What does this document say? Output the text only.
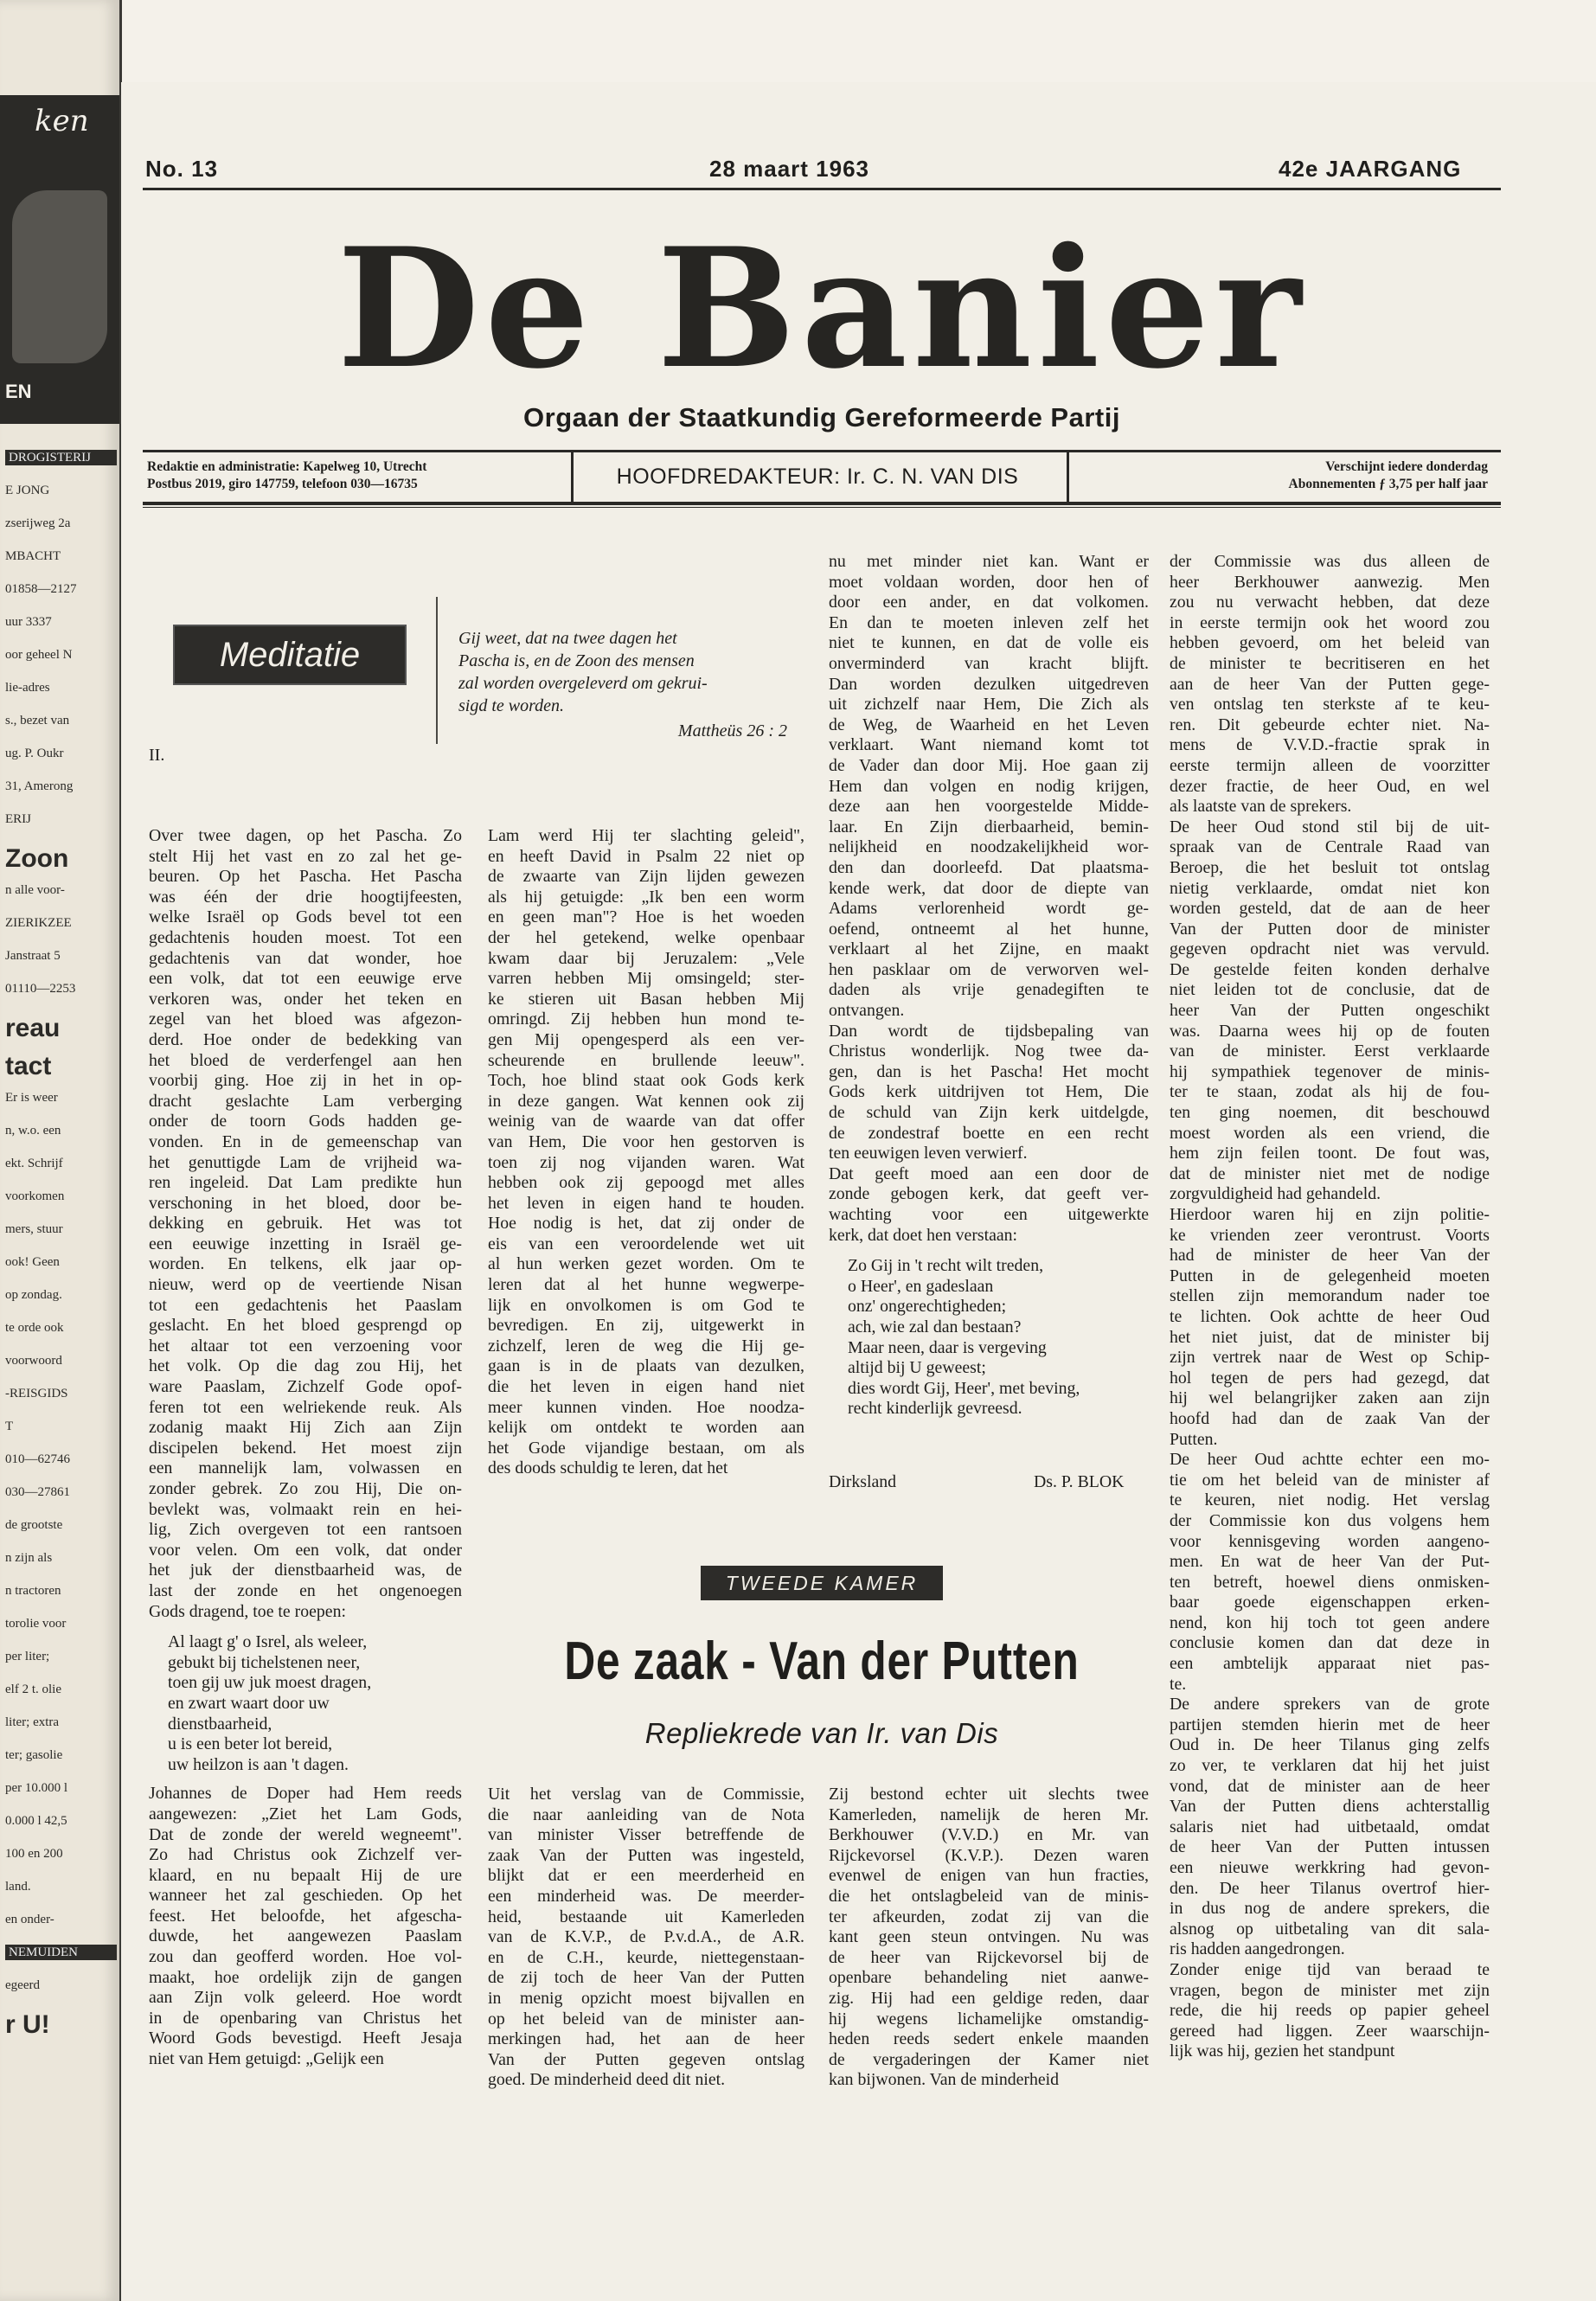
ken
EN
DROGISTERIJ
E JONG
zserijweg 2a
MBACHT
01858—2127
uur 3337
oor geheel N
lie-adres
s., bezet van
ug. P. Oukr
31, Amerong
ERIJ
Zoon
n alle voor-
ZIERIKZEE
Janstraat 5
01110—2253
reau
tact
Er is weer
n, w.o. een
ekt. Schrijf
voorkomen
mers, stuur
ook! Geen
op zondag.
te orde ook
voorwoord
-REISGIDS
T
010—62746
030—27861
de grootste
n zijn als
n tractoren
torolie voor
per liter;
elf 2 t. olie
liter; extra
ter; gasolie
per 10.000 l
0.000 l 42,5
100 en 200
land.
en onder-
NEMUIDEN
egeerd
r U!
No. 13	28 maart 1963	42e JAARGANG
De Banier
Orgaan der Staatkundig Gereformeerde Partij
Redaktie en administratie: Kapelweg 10, Utrecht
Postbus 2019, giro 147759, telefoon 030—16735	HOOFDREDAKTEUR: Ir. C. N. VAN DIS	Verschijnt iedere donderdag
Abonnementen ƒ 3,75 per half jaar
Meditatie
II.
Gij weet, dat na twee dagen het
Pascha is, en de Zoon des mensen
zal worden overgeleverd om gekrui-
sigd te worden.
Mattheüs 26 : 2
Over twee dagen, op het Pascha. Zo
stelt Hij het vast en zo zal het ge-
beuren. Op het Pascha. Het Pascha
was één der drie hoogtijfeesten,
welke Israël op Gods bevel tot een
gedachtenis houden moest. Tot een
gedachtenis van dat wonder, hoe
een volk, dat tot een eeuwige erve
verkoren was, onder het teken en
zegel van het bloed was afgezon-
derd. Hoe onder de bedekking van
het bloed de verderfengel aan hen
voorbij ging. Hoe zij in het in op-
dracht geslachte Lam verberging
onder de toorn Gods hadden ge-
vonden. En in de gemeenschap van
het genuttigde Lam de vrijheid wa-
ren ingeleid. Dat Lam predikte hun
verschoning in het bloed, door be-
dekking en gebruik. Het was tot
een eeuwige inzetting in Israël ge-
worden. En telkens, elk jaar op-
nieuw, werd op de veertiende Nisan
tot een gedachtenis het Paaslam
geslacht. En het bloed gesprengd op
het altaar tot een verzoening voor
het volk. Op die dag zou Hij, het
ware Paaslam, Zichzelf Gode opof-
feren tot een welriekende reuk. Als
zodanig maakt Hij Zich aan Zijn
discipelen bekend. Het moest zijn
een mannelijk lam, volwassen en
zonder gebrek. Zo zou Hij, Die on-
bevlekt was, volmaakt rein en hei-
lig, Zich overgeven tot een rantsoen
voor velen. Om een volk, dat onder
het juk der dienstbaarheid was, de
last der zonde en het ongenoegen
Gods dragend, toe te roepen:
Al laagt g' o Isrel, als weleer,
gebukt bij tichelstenen neer,
toen gij uw juk moest dragen,
en zwart waart door uw
dienstbaarheid,
u is een beter lot bereid,
uw heilzon is aan 't dagen.
Johannes de Doper had Hem reeds
aangewezen: „Ziet het Lam Gods,
Dat de zonde der wereld wegneemt".
Zo had Christus ook Zichzelf ver-
klaard, en nu bepaalt Hij de ure
wanneer het zal geschieden. Op het
feest. Het beloofde, het afgescha-
duwde, het aangewezen Paaslam
zou dan geofferd worden. Hoe vol-
maakt, hoe ordelijk zijn de gangen
aan Zijn volk geleerd. Hoe wordt
in de openbaring van Christus het
Woord Gods bevestigd. Heeft Jesaja
niet van Hem getuigd: „Gelijk een
Lam werd Hij ter slachting geleid",
en heeft David in Psalm 22 niet op
de zwaarte van Zijn lijden gewezen
als hij getuigde: „Ik ben een worm
en geen man"? Hoe is het woeden
der hel getekend, welke openbaar
kwam daar bij Jeruzalem: „Vele
varren hebben Mij omsingeld; ster-
ke stieren uit Basan hebben Mij
omringd. Zij hebben hun mond te-
gen Mij opengesperd als een ver-
scheurende en brullende leeuw".
Toch, hoe blind staat ook Gods kerk
in deze gangen. Wat kennen ook zij
weinig van de waarde van dat offer
van Hem, Die voor hen gestorven is
toen zij nog vijanden waren. Wat
hebben ook zij gepoogd met alles
het leven in eigen hand te houden.
Hoe nodig is het, dat zij onder de
eis van een veroordelende wet uit
al hun werken gezet worden. Om te
leren dat al het hunne wegwerpe-
lijk en onvolkomen is om God te
bevredigen. En zij, uitgewerkt in
zichzelf, leren de weg die Hij ge-
gaan is in de plaats van dezulken,
die het leven in eigen hand niet
meer kunnen vinden. Hoe noodza-
kelijk om ontdekt te worden aan
het Gode vijandige bestaan, om als
des doods schuldig te leren, dat het
nu met minder niet kan. Want er
moet voldaan worden, door hen of
door een ander, en dat volkomen.
En dan te moeten inleven zelf het
niet te kunnen, en dat de volle eis
onverminderd van kracht blijft.
Dan worden dezulken uitgedreven
uit zichzelf naar Hem, Die Zich als
de Weg, de Waarheid en het Leven
verklaart. Want niemand komt tot
de Vader dan door Mij. Hoe gaan zij
Hem dan volgen en nodig krijgen,
deze aan hen voorgestelde Midde-
laar. En Zijn dierbaarheid, bemin-
nelijkheid en noodzakelijkheid wor-
den dan doorleefd. Dat plaatsma-
kende werk, dat door de diepte van
Adams verlorenheid wordt ge-
oefend, ontneemt al het hunne,
verklaart al het Zijne, en maakt
hen pasklaar om de verworven wel-
daden als vrije genadegiften te
ontvangen.
Dan wordt de tijdsbepaling van
Christus wonderlijk. Nog twee da-
gen, dan is het Pascha! Het mocht
Gods kerk uitdrijven tot Hem, Die
de schuld van Zijn kerk uitdelgde,
de zondestraf boette en een recht
ten eeuwigen leven verwierf.
Dat geeft moed aan een door de
zonde gebogen kerk, dat geeft ver-
wachting voor een uitgewerkte
kerk, dat doet hen verstaan:
Zo Gij in 't recht wilt treden,
o Heer', en gadeslaan
onz' ongerechtigheden;
ach, wie zal dan bestaan?
Maar neen, daar is vergeving
altijd bij U geweest;
dies wordt Gij, Heer', met beving,
recht kinderlijk gevreesd.
Dirksland	Ds. P. BLOK
TWEEDE KAMER
De zaak - Van der Putten
Repliekrede van Ir. van Dis
Uit het verslag van de Commissie,
die naar aanleiding van de Nota
van minister Visser betreffende de
zaak Van der Putten was ingesteld,
blijkt dat er een meerderheid en
een minderheid was. De meerder-
heid, bestaande uit Kamerleden
van de K.V.P., de P.v.d.A., de A.R.
en de C.H., keurde, niettegenstaan-
de zij toch de heer Van der Putten
in menig opzicht moest bijvallen en
op het beleid van de minister aan-
merkingen had, het aan de heer
Van der Putten gegeven ontslag
goed. De minderheid deed dit niet.
Zij bestond echter uit slechts twee
Kamerleden, namelijk de heren Mr.
Berkhouwer (V.V.D.) en Mr. van
Rijckevorsel (K.V.P.). Dezen waren
evenwel de enigen van hun fracties,
die het ontslagbeleid van de minis-
ter afkeurden, zodat zij van die
kant geen steun ontvingen. Nu was
de heer van Rijckevorsel bij de
openbare behandeling niet aanwe-
zig. Hij had een geldige reden, daar
hij wegens lichamelijke omstandig-
heden reeds sedert enkele maanden
de vergaderingen der Kamer niet
kan bijwonen. Van de minderheid
der Commissie was dus alleen de
heer Berkhouwer aanwezig. Men
zou nu verwacht hebben, dat deze
in eerste termijn ook het woord zou
hebben gevoerd, om het beleid van
de minister te becritiseren en het
aan de heer Van der Putten gege-
ven ontslag ten sterkste af te keu-
ren. Dit gebeurde echter niet. Na-
mens de V.V.D.-fractie sprak in
eerste termijn alleen de voorzitter
dezer fractie, de heer Oud, en wel
als laatste van de sprekers.
De heer Oud stond stil bij de uit-
spraak van de Centrale Raad van
Beroep, die het besluit tot ontslag
nietig verklaarde, omdat niet kon
worden gesteld, dat de aan de heer
Van der Putten door de minister
gegeven opdracht niet was vervuld.
De gestelde feiten konden derhalve
niet leiden tot de conclusie, dat de
heer Van der Putten ongeschikt
was. Daarna wees hij op de fouten
van de minister. Eerst verklaarde
hij sympathiek tegenover de minis-
ter te staan, zodat als hij de fou-
ten ging noemen, dit beschouwd
moest worden als een vriend, die
hem zijn feilen toont. De fout was,
dat de minister niet met de nodige
zorgvuldigheid had gehandeld.
Hierdoor waren hij en zijn politie-
ke vrienden zeer verontrust. Voorts
had de minister de heer Van der
Putten in de gelegenheid moeten
stellen zijn memorandum nader toe
te lichten. Ook achtte de heer Oud
het niet juist, dat de minister bij
zijn vertrek naar de West op Schip-
hol tegen de pers had gezegd, dat
hij wel belangrijker zaken aan zijn
hoofd had dan de zaak Van der
Putten.
De heer Oud achtte echter een mo-
tie om het beleid van de minister af
te keuren, niet nodig. Het verslag
der Commissie kon dus volgens hem
voor kennisgeving worden aangeno-
men. En wat de heer Van der Put-
ten betreft, hoewel diens onmisken-
baar goede eigenschappen erken-
nend, kon hij toch tot geen andere
conclusie komen dan dat deze in
een ambtelijk apparaat niet pas-
te.
De andere sprekers van de grote
partijen stemden hierin met de heer
Oud in. De heer Tilanus ging zelfs
zo ver, te verklaren dat hij het juist
vond, dat de minister aan de heer
Van der Putten diens achterstallig
salaris niet had uitbetaald, omdat
de heer Van der Putten intussen
een nieuwe werkkring had gevon-
den. De heer Tilanus overtrof hier-
in dus nog de andere sprekers, die
alsnog op uitbetaling van dit sala-
ris hadden aangedrongen.
Zonder enige tijd van beraad te
vragen, begon de minister met zijn
rede, die hij reeds op papier geheel
gereed had liggen. Zeer waarschijn-
lijk was hij, gezien het standpunt
